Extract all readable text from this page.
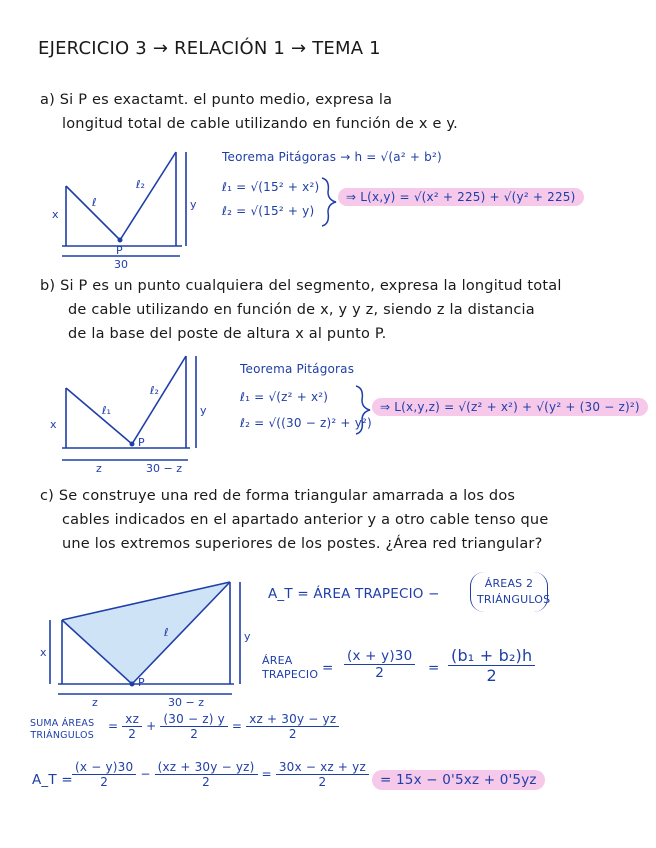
EJERCICIO 3 → RELACIÓN 1 → TEMA 1
a) Si P es exactamt. el punto medio, expresa la
longitud total de cable utilizando en función de x e y.
x
y
ℓ
ℓ₂
P
30
Teorema Pitágoras → h = √(a² + b²)
ℓ₁ = √(15² + x²)
ℓ₂ = √(15² + y)
⇒ L(x,y) = √(x² + 225) + √(y² + 225)
b) Si P es un punto cualquiera del segmento, expresa la longitud total
de cable utilizando en función de x, y y z, siendo z la distancia
de la base del poste de altura x al punto P.
x
y
ℓ₁
ℓ₂
P
z	30 − z
Teorema Pitágoras
ℓ₁ = √(z² + x²)
ℓ₂ = √((30 − z)² + y²)
⇒ L(x,y,z) = √(z² + x²) + √(y² + (30 − z)²)
c) Se construye una red de forma triangular amarrada a los dos
cables indicados en el apartado anterior y a otro cable tenso que
une los extremos superiores de los postes. ¿Área red triangular?
x
y
ℓ
P
z	30 − z
A_T = ÁREA TRAPECIO −
ÁREAS 2 TRIÁNGULOS
ÁREA
TRAPECIO = $\frac{(x + y)30}{2} = \frac{\text{(b₁ + b₂)h}}{2}$
SUMA ÁREAS
TRIÁNGULOS
= $\frac{xz}{2} + \frac{(30 - z) y}{2} = \frac{xz + 30y - yz}{2}$
A_T = $\frac{(x - y)30}{2} - \frac{(xz + 30y - yz)}{2} = \frac{30x - xz + yz}{2} = 15x - 0'5xz + 0'5yz$
